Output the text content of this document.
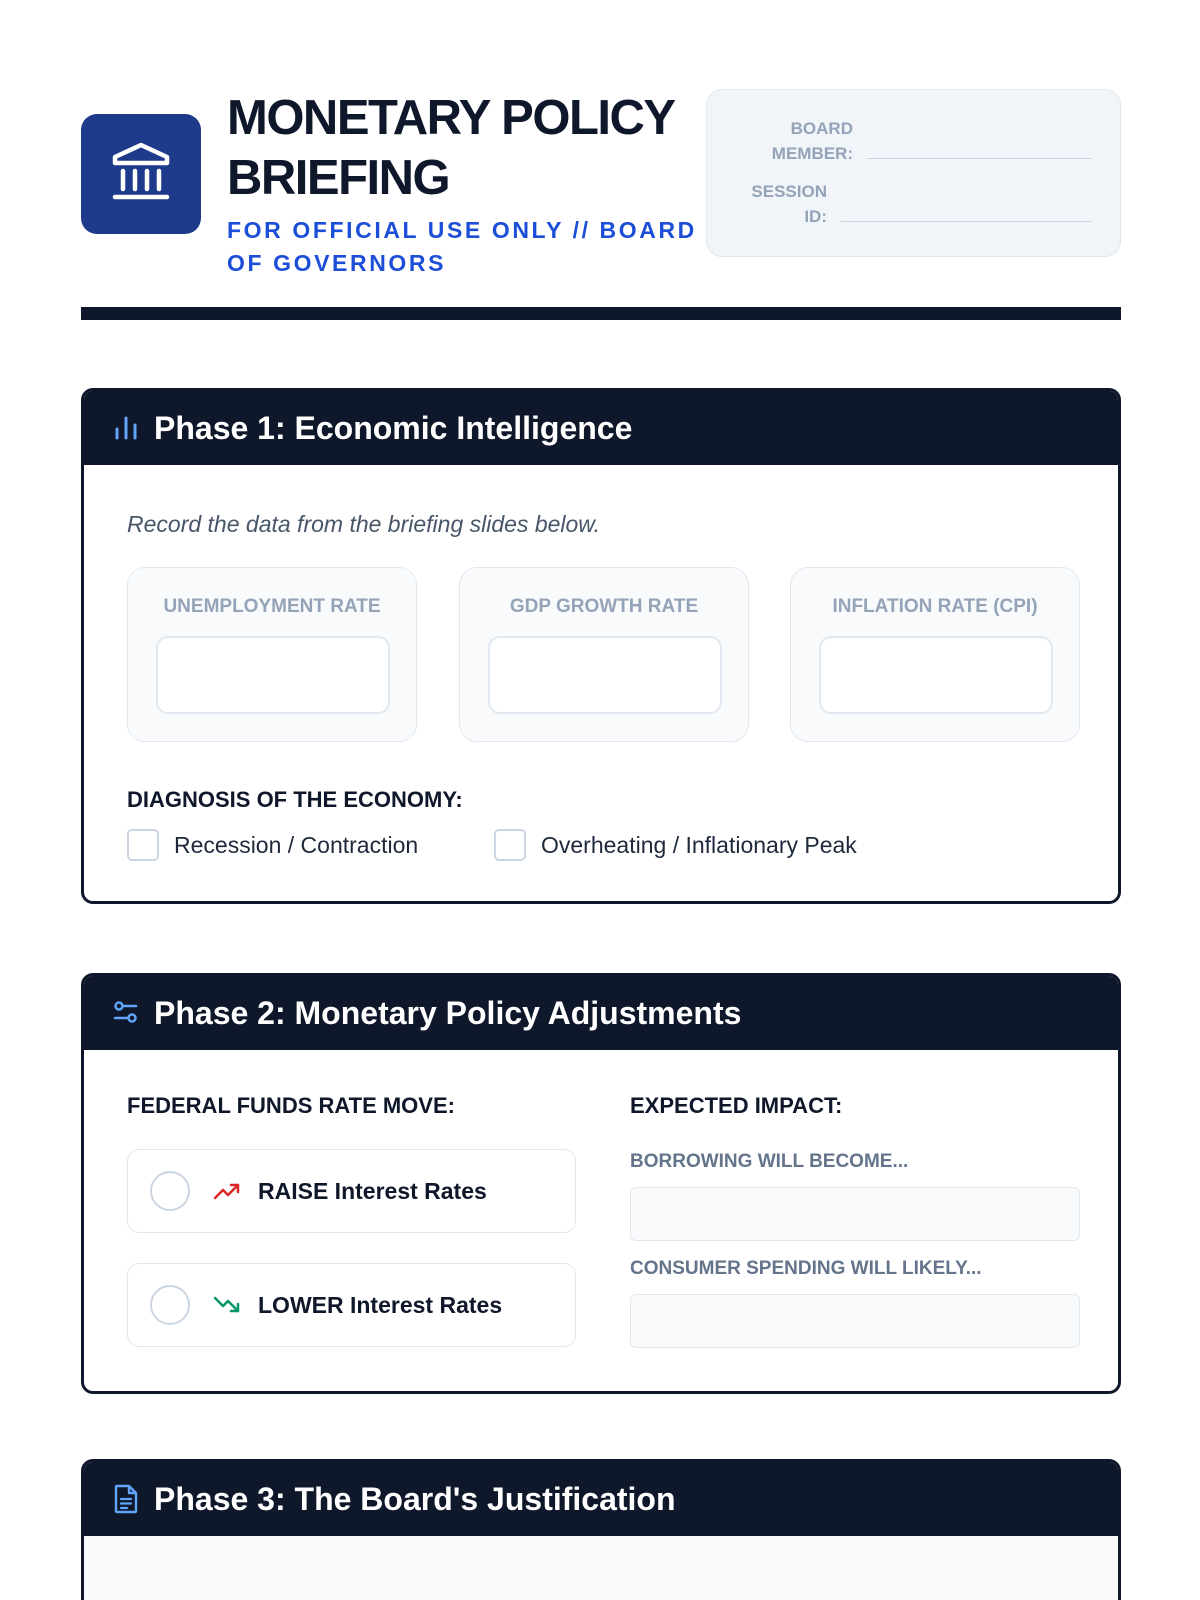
MONETARY POLICY BRIEFING
FOR OFFICIAL USE ONLY // BOARD OF GOVERNORS
BOARD
MEMBER:
SESSION
ID:
Phase 1: Economic Intelligence
Record the data from the briefing slides below.
UNEMPLOYMENT RATE	GDP GROWTH RATE	INFLATION RATE (CPI)
DIAGNOSIS OF THE ECONOMY:
Recession / Contraction	Overheating / Inflationary Peak
Phase 2: Monetary Policy Adjustments
FEDERAL FUNDS RATE MOVE:
RAISE Interest Rates
LOWER Interest Rates
EXPECTED IMPACT:
BORROWING WILL BECOME...
CONSUMER SPENDING WILL LIKELY...
Phase 3: The Board's Justification
